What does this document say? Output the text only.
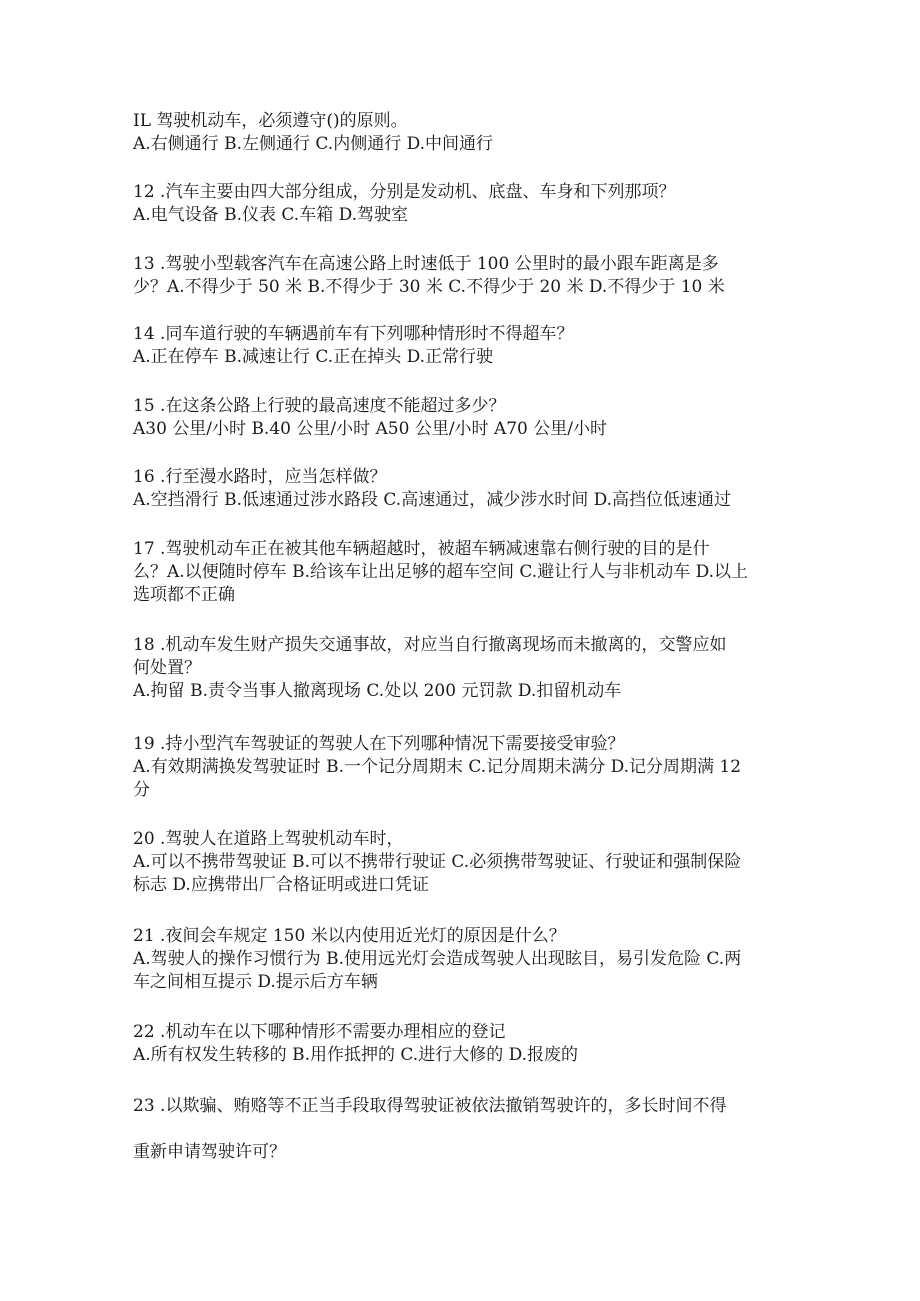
IL 驾驶机动车，必须遵守()的原则。
A.右侧通行 B.左侧通行 C.内侧通行 D.中间通行
12 .汽车主要由四大部分组成，分别是发动机、底盘、车身和下列那项？
A.电气设备 B.仪表 C.车箱 D.驾驶室
13 .驾驶小型载客汽车在高速公路上时速低于 100 公里时的最小跟车距离是多
少？A.不得少于 50 米 B.不得少于 30 米 C.不得少于 20 米 D.不得少于 10 米
14 .同车道行驶的车辆遇前车有下列哪种情形时不得超车？
A.正在停车 B.减速让行 C.正在掉头 D.正常行驶
15 .在这条公路上行驶的最高速度不能超过多少？
A30 公里/小时 B.40 公里/小时 A50 公里/小时 A70 公里/小时
16 .行至漫水路时，应当怎样做？
A.空挡滑行 B.低速通过涉水路段 C.高速通过，减少涉水时间 D.高挡位低速通过
17 .驾驶机动车正在被其他车辆超越时，被超车辆减速靠右侧行驶的目的是什
么？A.以便随时停车 B.给该车让出足够的超车空间 C.避让行人与非机动车 D.以上
选项都不正确
18 .机动车发生财产损失交通事故，对应当自行撤离现场而未撤离的，交警应如
何处置？
A.拘留 B.责令当事人撤离现场 C.处以 200 元罚款 D.扣留机动车
19 .持小型汽车驾驶证的驾驶人在下列哪种情况下需要接受审验？
A.有效期满换发驾驶证时 B.一个记分周期末 C.记分周期未满分 D.记分周期满 12
分
20 .驾驶人在道路上驾驶机动车时，
A.可以不携带驾驶证 B.可以不携带行驶证 C.必须携带驾驶证、行驶证和强制保险
标志 D.应携带出厂合格证明或进口凭证
21 .夜间会车规定 150 米以内使用近光灯的原因是什么？
A.驾驶人的操作习惯行为 B.使用远光灯会造成驾驶人出现眩目，易引发危险 C.两
车之间相互提示 D.提示后方车辆
22 .机动车在以下哪种情形不需要办理相应的登记
A.所有权发生转移的 B.用作抵押的 C.进行大修的 D.报废的
23 .以欺骗、贿赂等不正当手段取得驾驶证被依法撤销驾驶许的，多长时间不得
重新申请驾驶许可？
